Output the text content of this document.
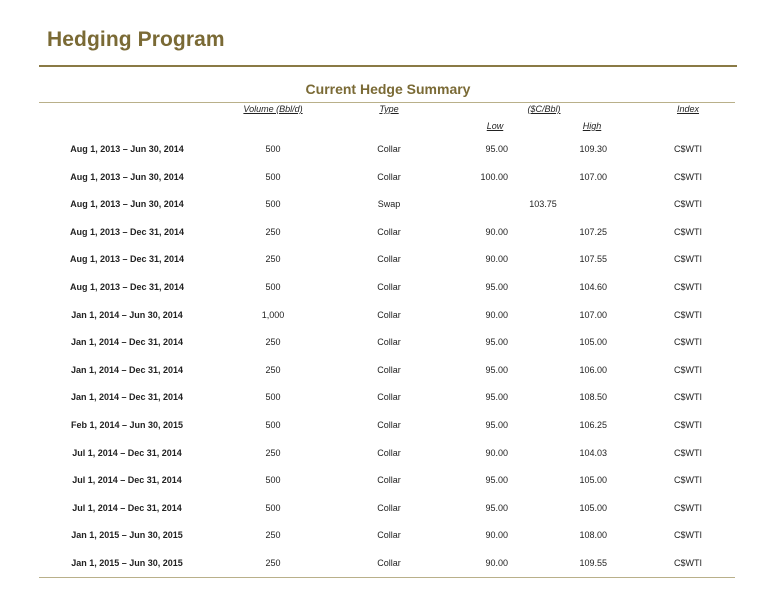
Hedging Program
Current Hedge Summary
Volume (Bbl/d)	Type	($C/Bbl)	Index
Low	High
Aug 1, 2013 – Jun 30, 2014	500	Collar	95.00	109.30	C$WTI
Aug 1, 2013 – Jun 30, 2014	500	Collar	100.00	107.00	C$WTI
Aug 1, 2013 – Jun 30, 2014	500	Swap	103.75	C$WTI
Aug 1, 2013 – Dec 31, 2014	250	Collar	90.00	107.25	C$WTI
Aug 1, 2013 – Dec 31, 2014	250	Collar	90.00	107.55	C$WTI
Aug 1, 2013 – Dec 31, 2014	500	Collar	95.00	104.60	C$WTI
Jan 1, 2014 – Jun 30, 2014	1,000	Collar	90.00	107.00	C$WTI
Jan 1, 2014 – Dec 31, 2014	250	Collar	95.00	105.00	C$WTI
Jan 1, 2014 – Dec 31, 2014	250	Collar	95.00	106.00	C$WTI
Jan 1, 2014 – Dec 31, 2014	500	Collar	95.00	108.50	C$WTI
Feb 1, 2014 – Jun 30, 2015	500	Collar	95.00	106.25	C$WTI
Jul 1, 2014 – Dec 31, 2014	250	Collar	90.00	104.03	C$WTI
Jul 1, 2014 – Dec 31, 2014	500	Collar	95.00	105.00	C$WTI
Jul 1, 2014 – Dec 31, 2014	500	Collar	95.00	105.00	C$WTI
Jan 1, 2015 – Jun 30, 2015	250	Collar	90.00	108.00	C$WTI
Jan 1, 2015 – Jun 30, 2015	250	Collar	90.00	109.55	C$WTI
